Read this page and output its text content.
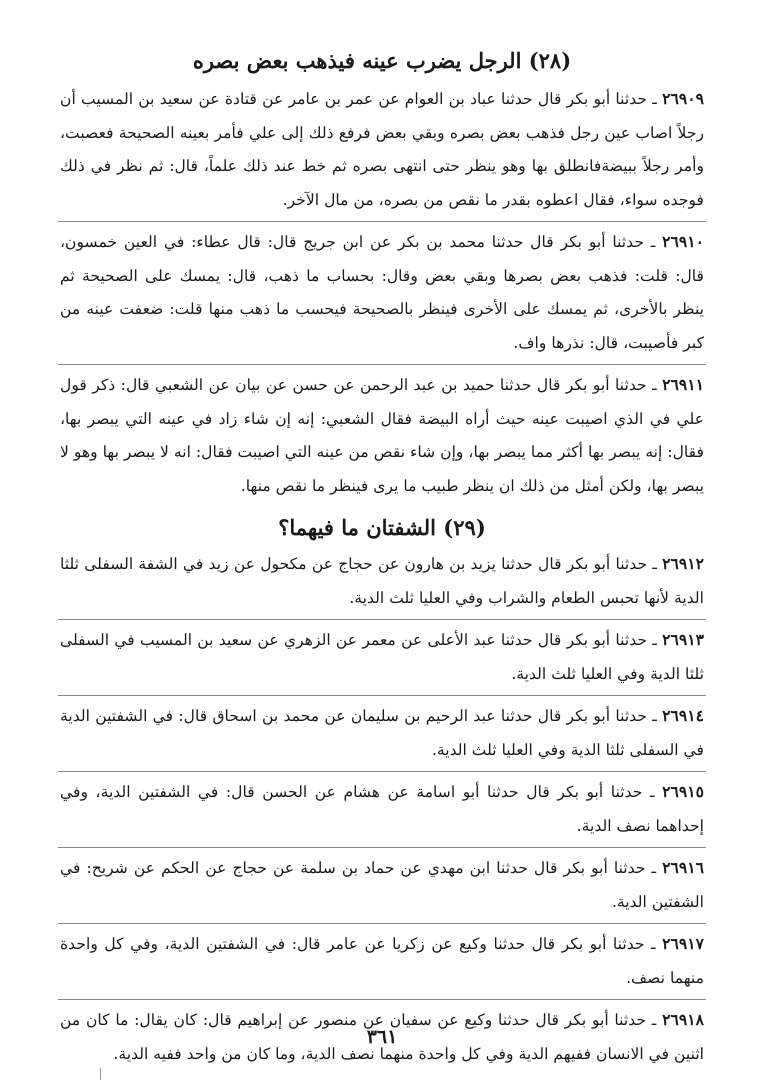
(٢٨) الرجل يضرب عينه فيذهب بعض بصره
٢٦٩٠٩ ـ حدثنا أبو بكر قال حدثنا عباد بن العوام عن عمر بن عامر عن قتادة عن سعيد بن المسيب أن رجلاً اصاب عين رجل فذهب بعض بصره وبقي بعض فرفع ذلك إلى علي فأمر بعينه الصحيحة فعصبت، وأمر رجلاً ببيضةفانطلق بها وهو ينظر حتى انتهى بصره ثم خط عند ذلك علماً، قال: ثم نظر في ذلك فوجده سواء، فقال اعطوه بقدر ما نقص من بصره، من مال الآخر.
٢٦٩١٠ ـ حدثنا أبو بكر قال حدثنا محمد بن بكر عن ابن جريج قال: قال عطاء: في العين خمسون، قال: قلت: فذهب بعض بصرها وبقي بعض وقال: بحساب ما ذهب، قال: يمسك على الصحيحة ثم ينظر بالأخرى، ثم يمسك على الأخرى فينظر بالصحيحة فيحسب ما ذهب منها قلت: ضعفت عينه من كبر فأصيبت، قال: نذرها واف.
٢٦٩١١ ـ حدثنا أبو بكر قال حدثنا حميد بن عبد الرحمن عن حسن عن بيان عن الشعبي قال: ذكر قول علي في الذي اصيبت عينه حيث أراه البيضة فقال الشعبي: إنه إن شاء زاد في عينه التي يبصر بها، فقال: إنه يبصر بها أكثر مما يبصر بها، وإن شاء نقص من عينه التي اصيبت فقال: انه لا يبصر بها وهو لا يبصر بها، ولكن أمثل من ذلك ان ينظر طبيب ما يرى فينظر ما نقص منها.
(٢٩) الشفتان ما فيهما؟
٢٦٩١٢ ـ حدثنا أبو بكر قال حدثنا يزيد بن هارون عن حجاج عن مكحول عن زيد في الشفة السفلى ثلثا الدية لأنها تحبس الطعام والشراب وفي العليا ثلث الدية.
٢٦٩١٣ ـ حدثنا أبو بكر قال حدثنا عبد الأعلى عن معمر عن الزهري عن سعيد بن المسيب في السفلى ثلثا الدية وفي العليا ثلث الدية.
٢٦٩١٤ ـ حدثنا أبو بكر قال حدثنا عبد الرحيم بن سليمان عن محمد بن اسحاق قال: في الشفتين الدية في السفلى ثلثا الدية وفي العليا ثلث الدية.
٢٦٩١٥ ـ حدثنا أبو بكر قال حدثنا أبو اسامة عن هشام عن الحسن قال: في الشفتين الدية، وفي إحداهما نصف الدية.
٢٦٩١٦ ـ حدثنا أبو بكر قال حدثنا ابن مهدي عن حماد بن سلمة عن حجاج عن الحكم عن شريح: في الشفتين الدية.
٢٦٩١٧ ـ حدثنا أبو بكر قال حدثنا وكيع عن زكريا عن عامر قال: في الشفتين الدية، وفي كل واحدة منهما نصف.
٢٦٩١٨ ـ حدثنا أبو بكر قال حدثنا وكيع عن سفيان عن منصور عن إبراهيم قال: كان يقال: ما كان من اثنين في الانسان ففيهم الدية وفي كل واحدة منهما نصف الدية، وما كان من واحد ففيه الدية.
٣٦١
